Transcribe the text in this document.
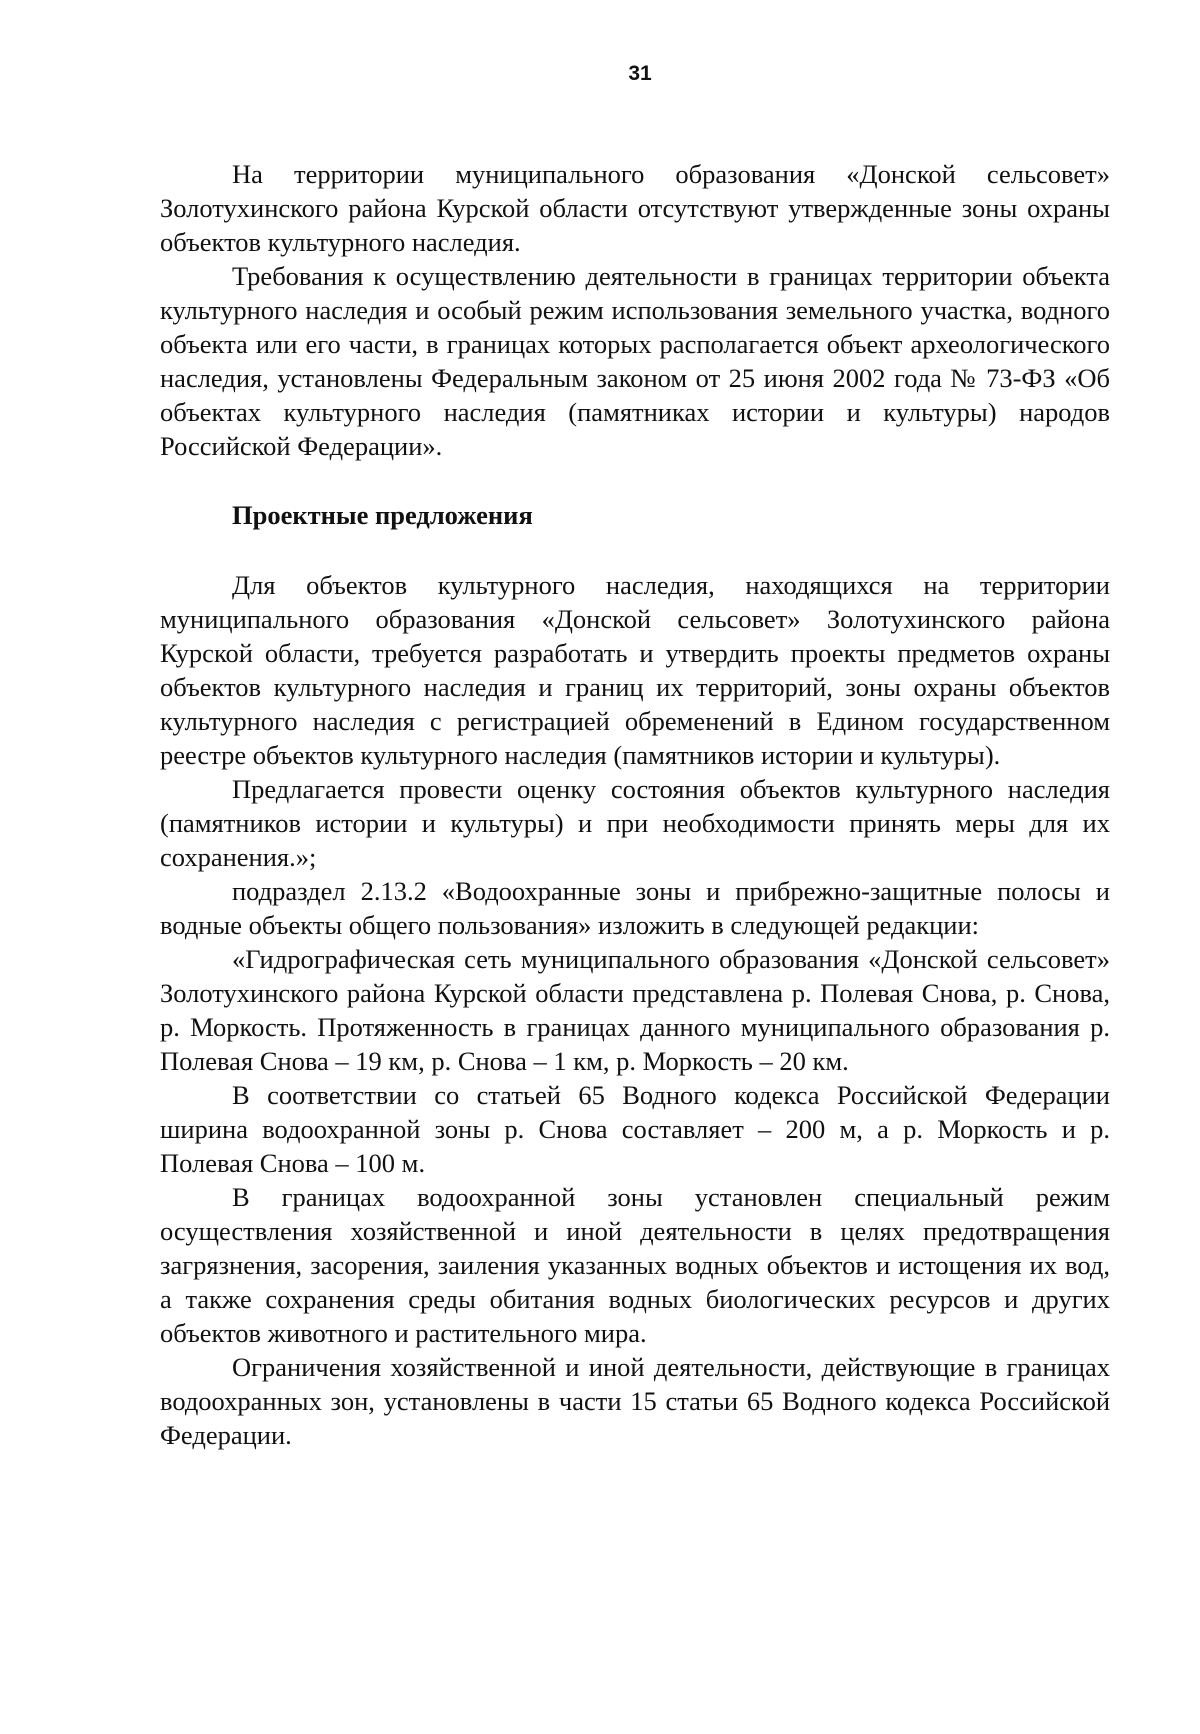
31

На территории муниципального образования «Донской сельсовет» Золотухинского района Курской области отсутствуют утвержденные зоны охраны объектов культурного наследия.

Требования к осуществлению деятельности в границах территории объекта культурного наследия и особый режим использования земельного участка, водного объекта или его части, в границах которых располагается объект археологического наследия, установлены Федеральным законом от 25 июня 2002 года № 73-ФЗ «Об объектах культурного наследия (памятниках истории и культуры) народов Российской Федерации».

Проектные предложения

Для объектов культурного наследия, находящихся на территории муниципального образования «Донской сельсовет» Золотухинского района Курской области, требуется разработать и утвердить проекты предметов охраны объектов культурного наследия и границ их территорий, зоны охраны объектов культурного наследия с регистрацией обременений в Едином государственном реестре объектов культурного наследия (памятников истории и культуры).

Предлагается провести оценку состояния объектов культурного наследия (памятников истории и культуры) и при необходимости принять меры для их сохранения.»;

подраздел 2.13.2 «Водоохранные зоны и прибрежно-защитные полосы и водные объекты общего пользования» изложить в следующей редакции:

«Гидрографическая сеть муниципального образования «Донской сельсовет» Золотухинского района Курской области представлена р. Полевая Снова, р. Снова, р. Моркость. Протяженность в границах данного муниципального образования р. Полевая Снова – 19 км, р. Снова – 1 км, р. Моркость – 20 км.

В соответствии со статьей 65 Водного кодекса Российской Федерации ширина водоохранной зоны р. Снова составляет – 200 м, а р. Моркость и р. Полевая Снова – 100 м.

В границах водоохранной зоны установлен специальный режим осуществления хозяйственной и иной деятельности в целях предотвращения загрязнения, засорения, заиления указанных водных объектов и истощения их вод, а также сохранения среды обитания водных биологических ресурсов и других объектов животного и растительного мира.

Ограничения хозяйственной и иной деятельности, действующие в границах водоохранных зон, установлены в части 15 статьи 65 Водного кодекса Российской Федерации.
